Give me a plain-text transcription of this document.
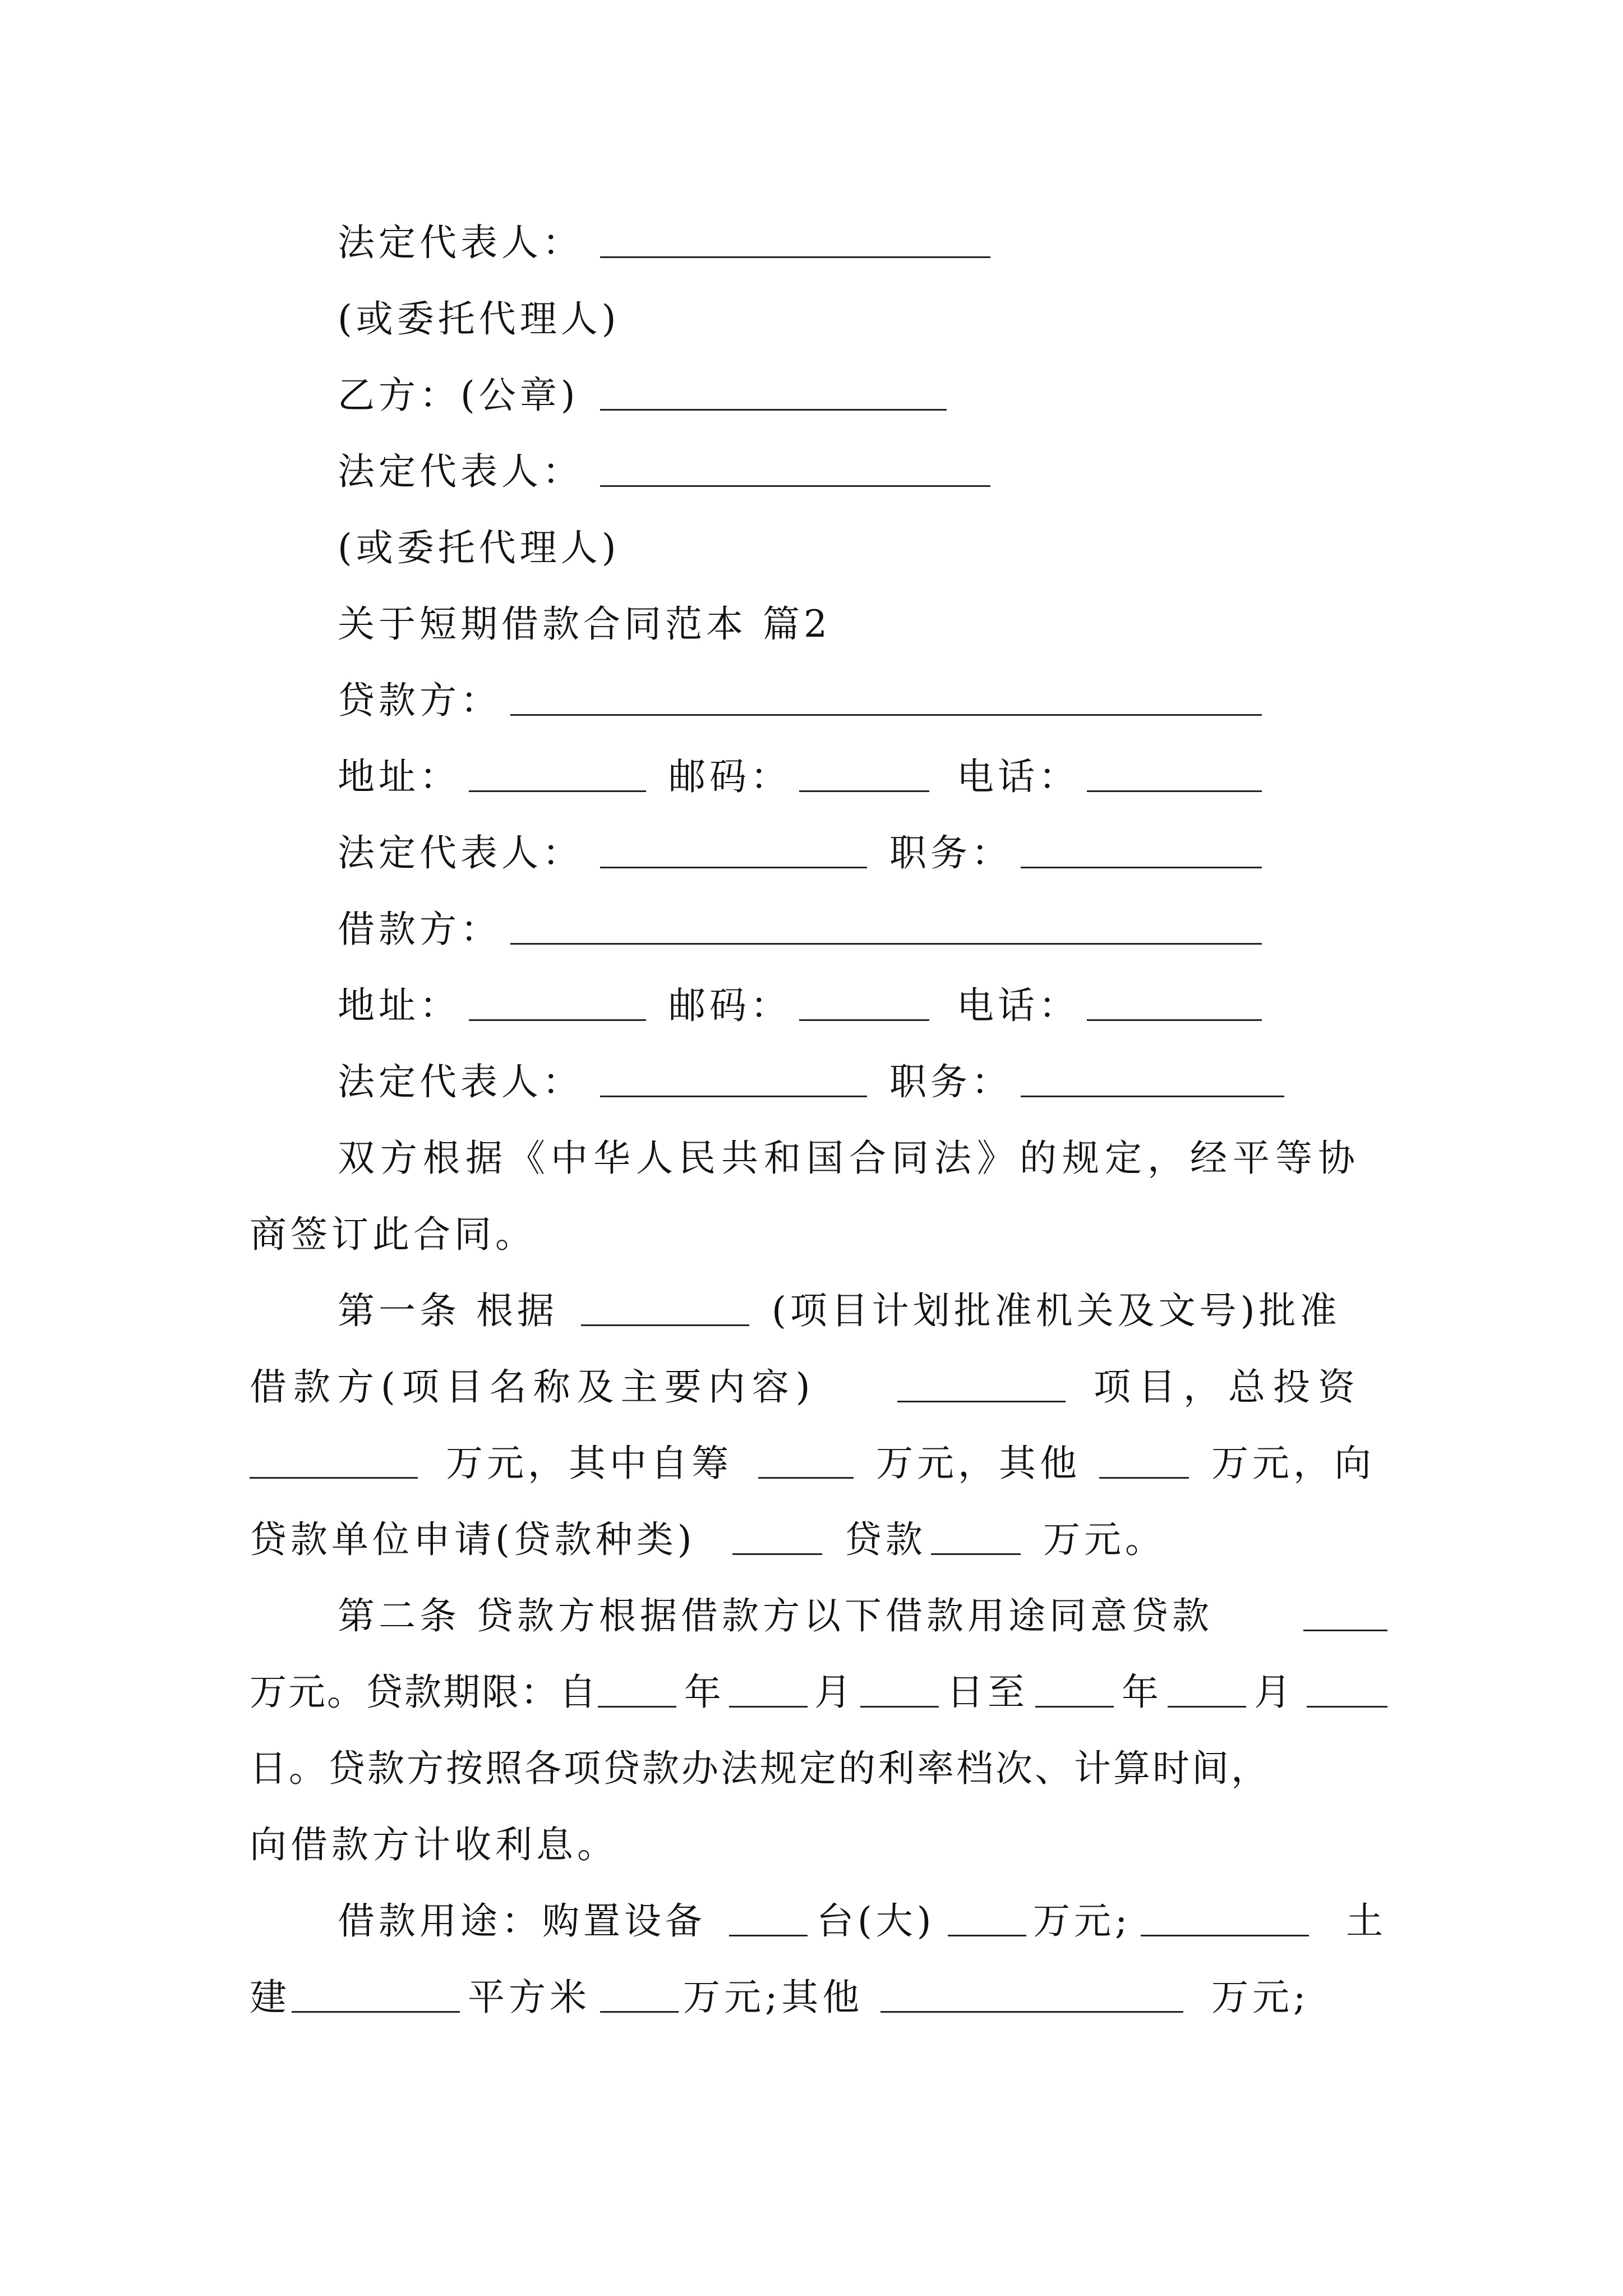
法定代表人：
(或委托代理人)
乙方：(公章)
法定代表人：
(或委托代理人)
关于短期借款合同范本 篇2
贷款方：
地址：	邮码：	电话：
法定代表人：	职务：
借款方：
地址：	邮码：	电话：
法定代表人：	职务：
双方根据《中华人民共和国合同法》的规定，经平等协
商签订此合同。
第一条 根据	(项目计划批准机关及文号)批准
借款方(项目名称及主要内容)	项目，总投资
万元，其中自筹	万元，其他	万元，向
贷款单位申请(贷款种类)	贷款	万元。
第二条 贷款方根据借款方以下借款用途同意贷款
万元。贷款期限：自 年 月 日至	年 月
日。贷款方按照各项贷款办法规定的利率档次、计算时间，
向借款方计收利息。
借款用途：购置设备	台(大)	万元;	土
建	平方米	万元;其他	万元;
